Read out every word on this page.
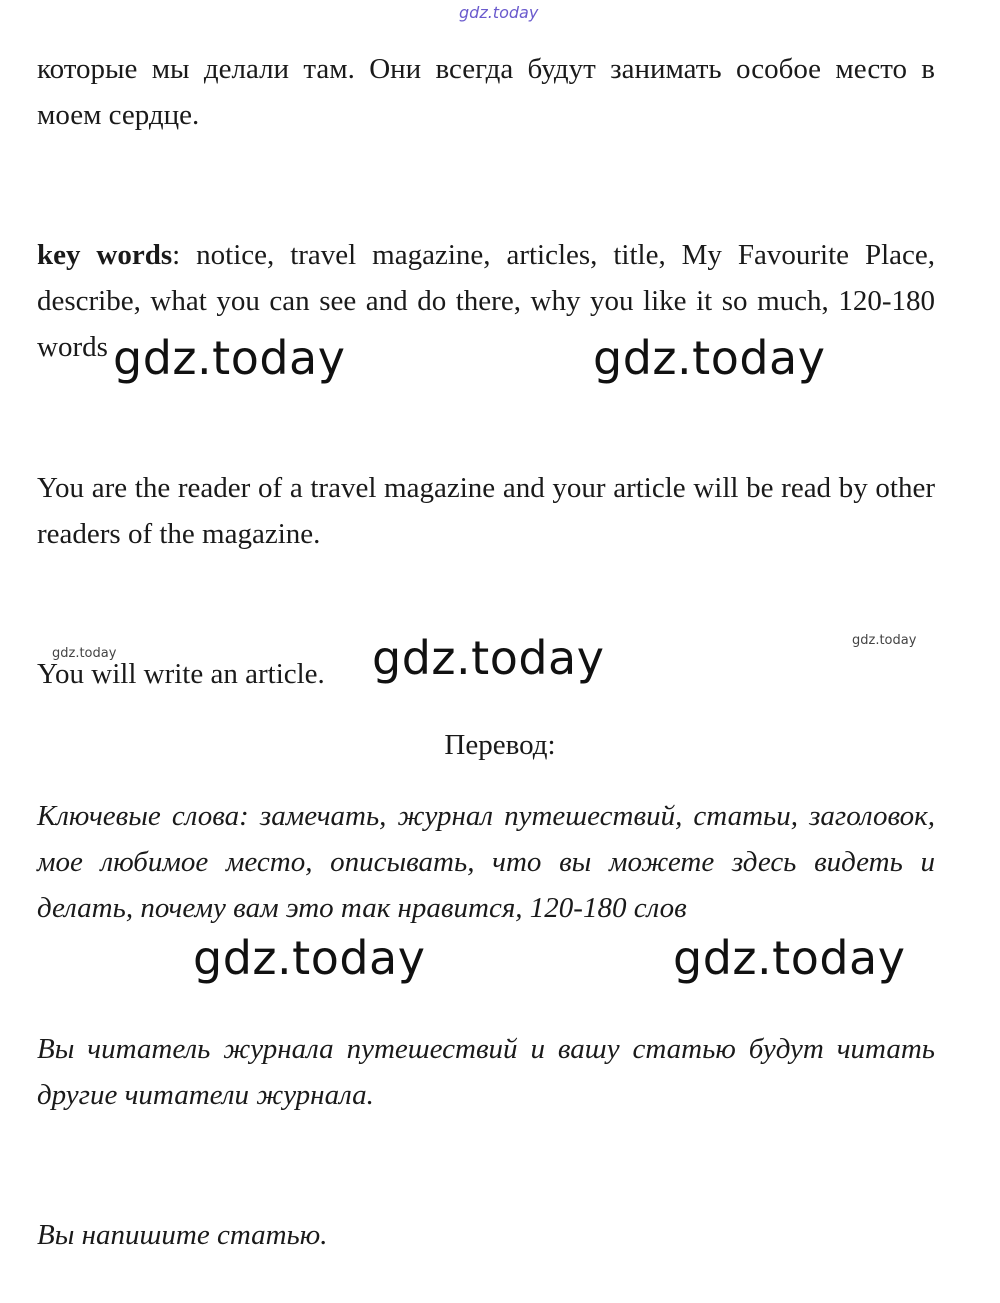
gdz.today

которые мы делали там. Они всегда будут занимать особое место в моем сердце.

key words: notice, travel magazine, articles, title, My Favourite Place, describe, what you can see and do there, why you like it so much, 120-180 words gdz.today	gdz.today

You are the reader of a travel magazine and your article will be read by other readers of the magazine.

gdz.today
gdz.today

You will write an article. gdz.today

Перевод:

Ключевые слова: замечать, журнал путешествий, статьи, заголовок, мое любимое место, описывать, что вы можете здесь видеть и делать, почему вам это так нравится, 120-180 слов

gdz.today	gdz.today

Вы читатель журнала путешествий и вашу статью будут читать другие читатели журнала.

Вы напишите статью.
